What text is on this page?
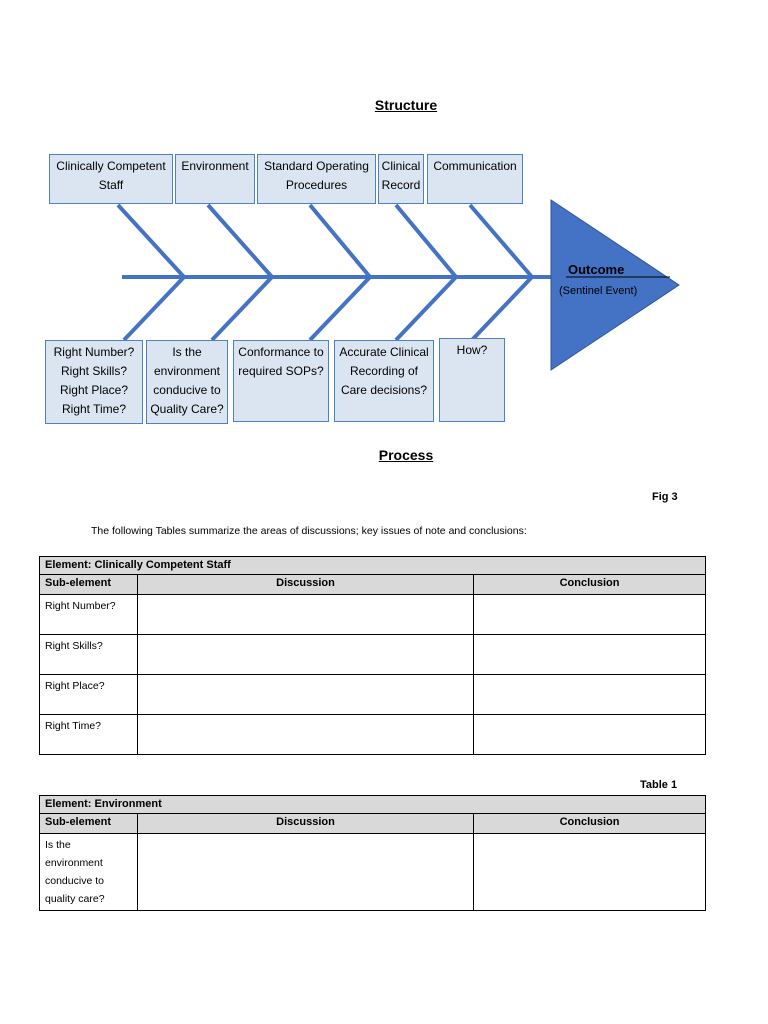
Structure
Clinically Competent
Staff
Environment	Standard Operating
Procedures
Clinical
Record
Communication
Right Number?
Right Skills?
Right Place?
Right Time?
Is the
environment
conducive to
Quality Care?
Conformance to
required SOPs?
Accurate Clinical
Recording of
Care decisions?
How?
Outcome
(Sentinel Event)
Process
Fig 3
The following Tables summarize the areas of discussions; key issues of note and conclusions:
Element: Clinically Competent Staff		
Sub-element	Discussion	Conclusion
Right Number?		
Right Skills?		
Right Place?		
Right Time?		
Table 1
Element: Environment		
Sub-element	Discussion	Conclusion
Is the
environment
conducive to
quality care?		
